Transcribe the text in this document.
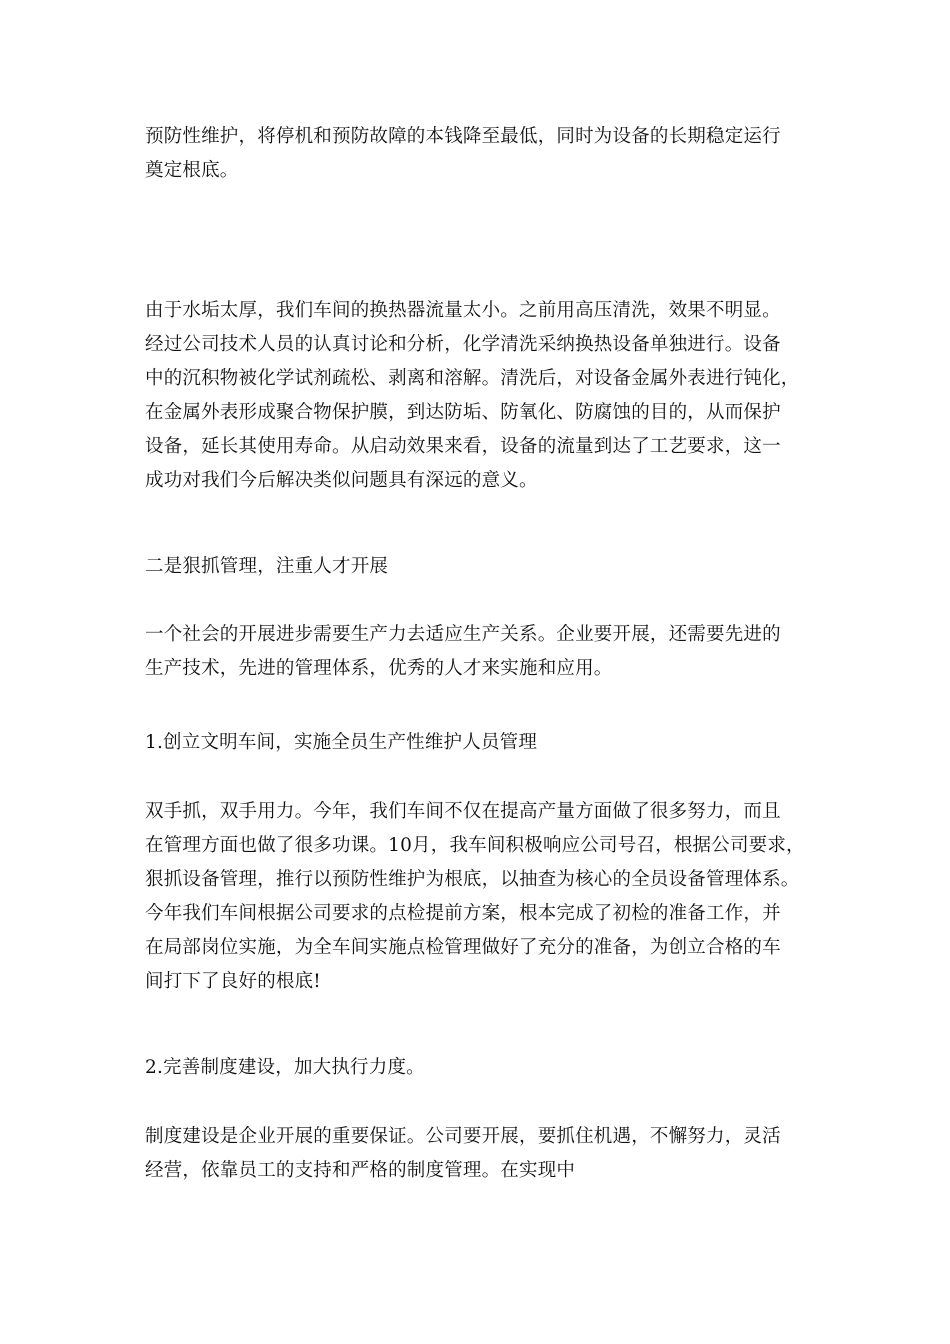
预防性维护，将停机和预防故障的本钱降至最低，同时为设备的长期稳定运行
奠定根底。

由于水垢太厚，我们车间的换热器流量太小。之前用高压清洗，效果不明显。
经过公司技术人员的认真讨论和分析，化学清洗采纳换热设备单独进行。设备
中的沉积物被化学试剂疏松、剥离和溶解。清洗后，对设备金属外表进行钝化，
在金属外表形成聚合物保护膜，到达防垢、防氧化、防腐蚀的目的，从而保护
设备，延长其使用寿命。从启动效果来看，设备的流量到达了工艺要求，这一
成功对我们今后解决类似问题具有深远的意义。

二是狠抓管理，注重人才开展

一个社会的开展进步需要生产力去适应生产关系。企业要开展，还需要先进的
生产技术，先进的管理体系，优秀的人才来实施和应用。

1.创立文明车间，实施全员生产性维护人员管理

双手抓，双手用力。今年，我们车间不仅在提高产量方面做了很多努力，而且
在管理方面也做了很多功课。10月，我车间积极响应公司号召，根据公司要求，
狠抓设备管理，推行以预防性维护为根底，以抽查为核心的全员设备管理体系。
今年我们车间根据公司要求的点检提前方案，根本完成了初检的准备工作，并
在局部岗位实施，为全车间实施点检管理做好了充分的准备，为创立合格的车
间打下了良好的根底!

2.完善制度建设，加大执行力度。

制度建设是企业开展的重要保证。公司要开展，要抓住机遇，不懈努力，灵活
经营，依靠员工的支持和严格的制度管理。在实现中
